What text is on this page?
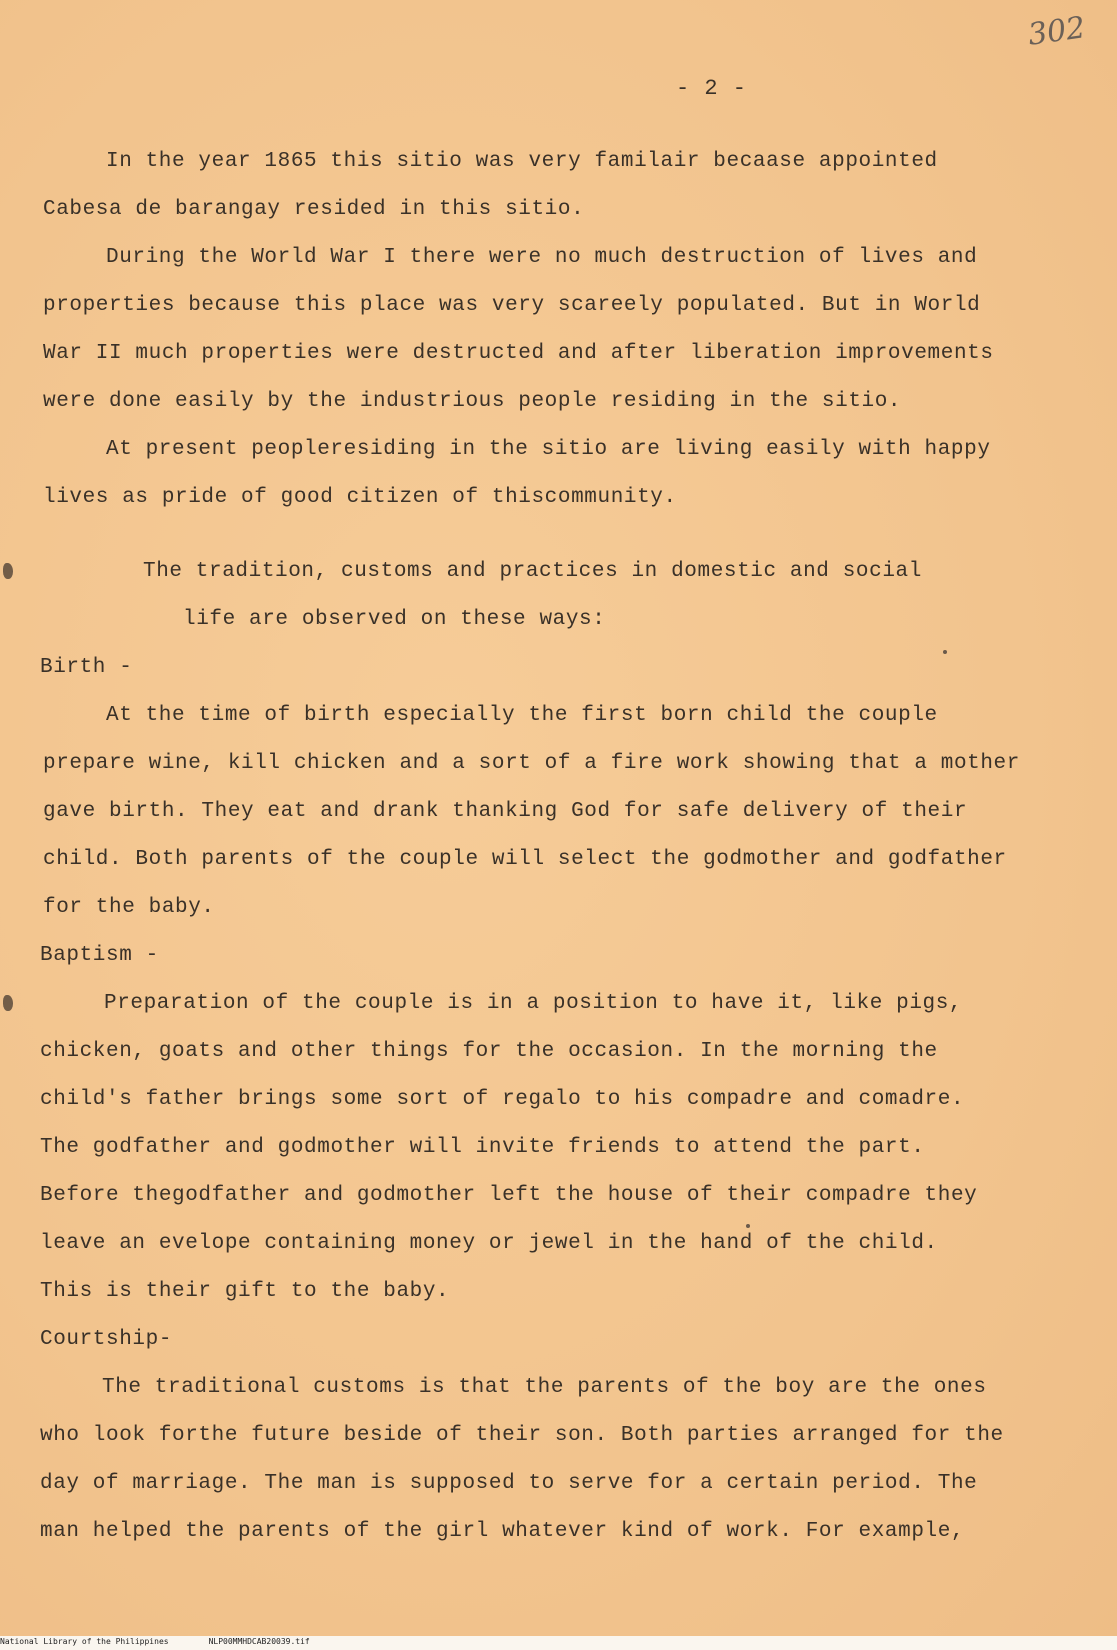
302
- 2 -
In the year 1865 this sitio was very familair becaase appointed
Cabesa de barangay resided in this sitio.
During the World War I there were no much destruction of lives and
properties because this place was very scareely populated. But in World
War II much properties were destructed and after liberation improvements
were done easily by the industrious people residing in the sitio.
At present peopleresiding in the sitio are living easily with happy
lives as pride of good citizen of thiscommunity.
The tradition, customs and practices in domestic and social
life are observed on these ways:
Birth -
At the time of birth especially the first born child the couple
prepare wine, kill chicken and a sort of a fire work showing that a mother
gave birth. They eat and drank thanking God for safe delivery of their
child. Both parents of the couple will select the godmother and godfather
for the baby.
Baptism -
Preparation of the couple is in a position to have it, like pigs,
chicken, goats and other things for the occasion. In the morning the
child's father brings some sort of regalo to his compadre and comadre.
The godfather and godmother will invite friends to attend the part.
Before thegodfather and godmother left the house of their compadre they
leave an evelope containing money or jewel in the hand of the child.
This is their gift to the baby.
Courtship-
The traditional customs is that the parents of the boy are the ones
who look forthe future beside of their son. Both parties arranged for the
day of marriage. The man is supposed to serve for a certain period. The
man helped the parents of the girl whatever kind of work. For example,
National Library of the Philippines	NLP00MMHDCAB20039.tif
